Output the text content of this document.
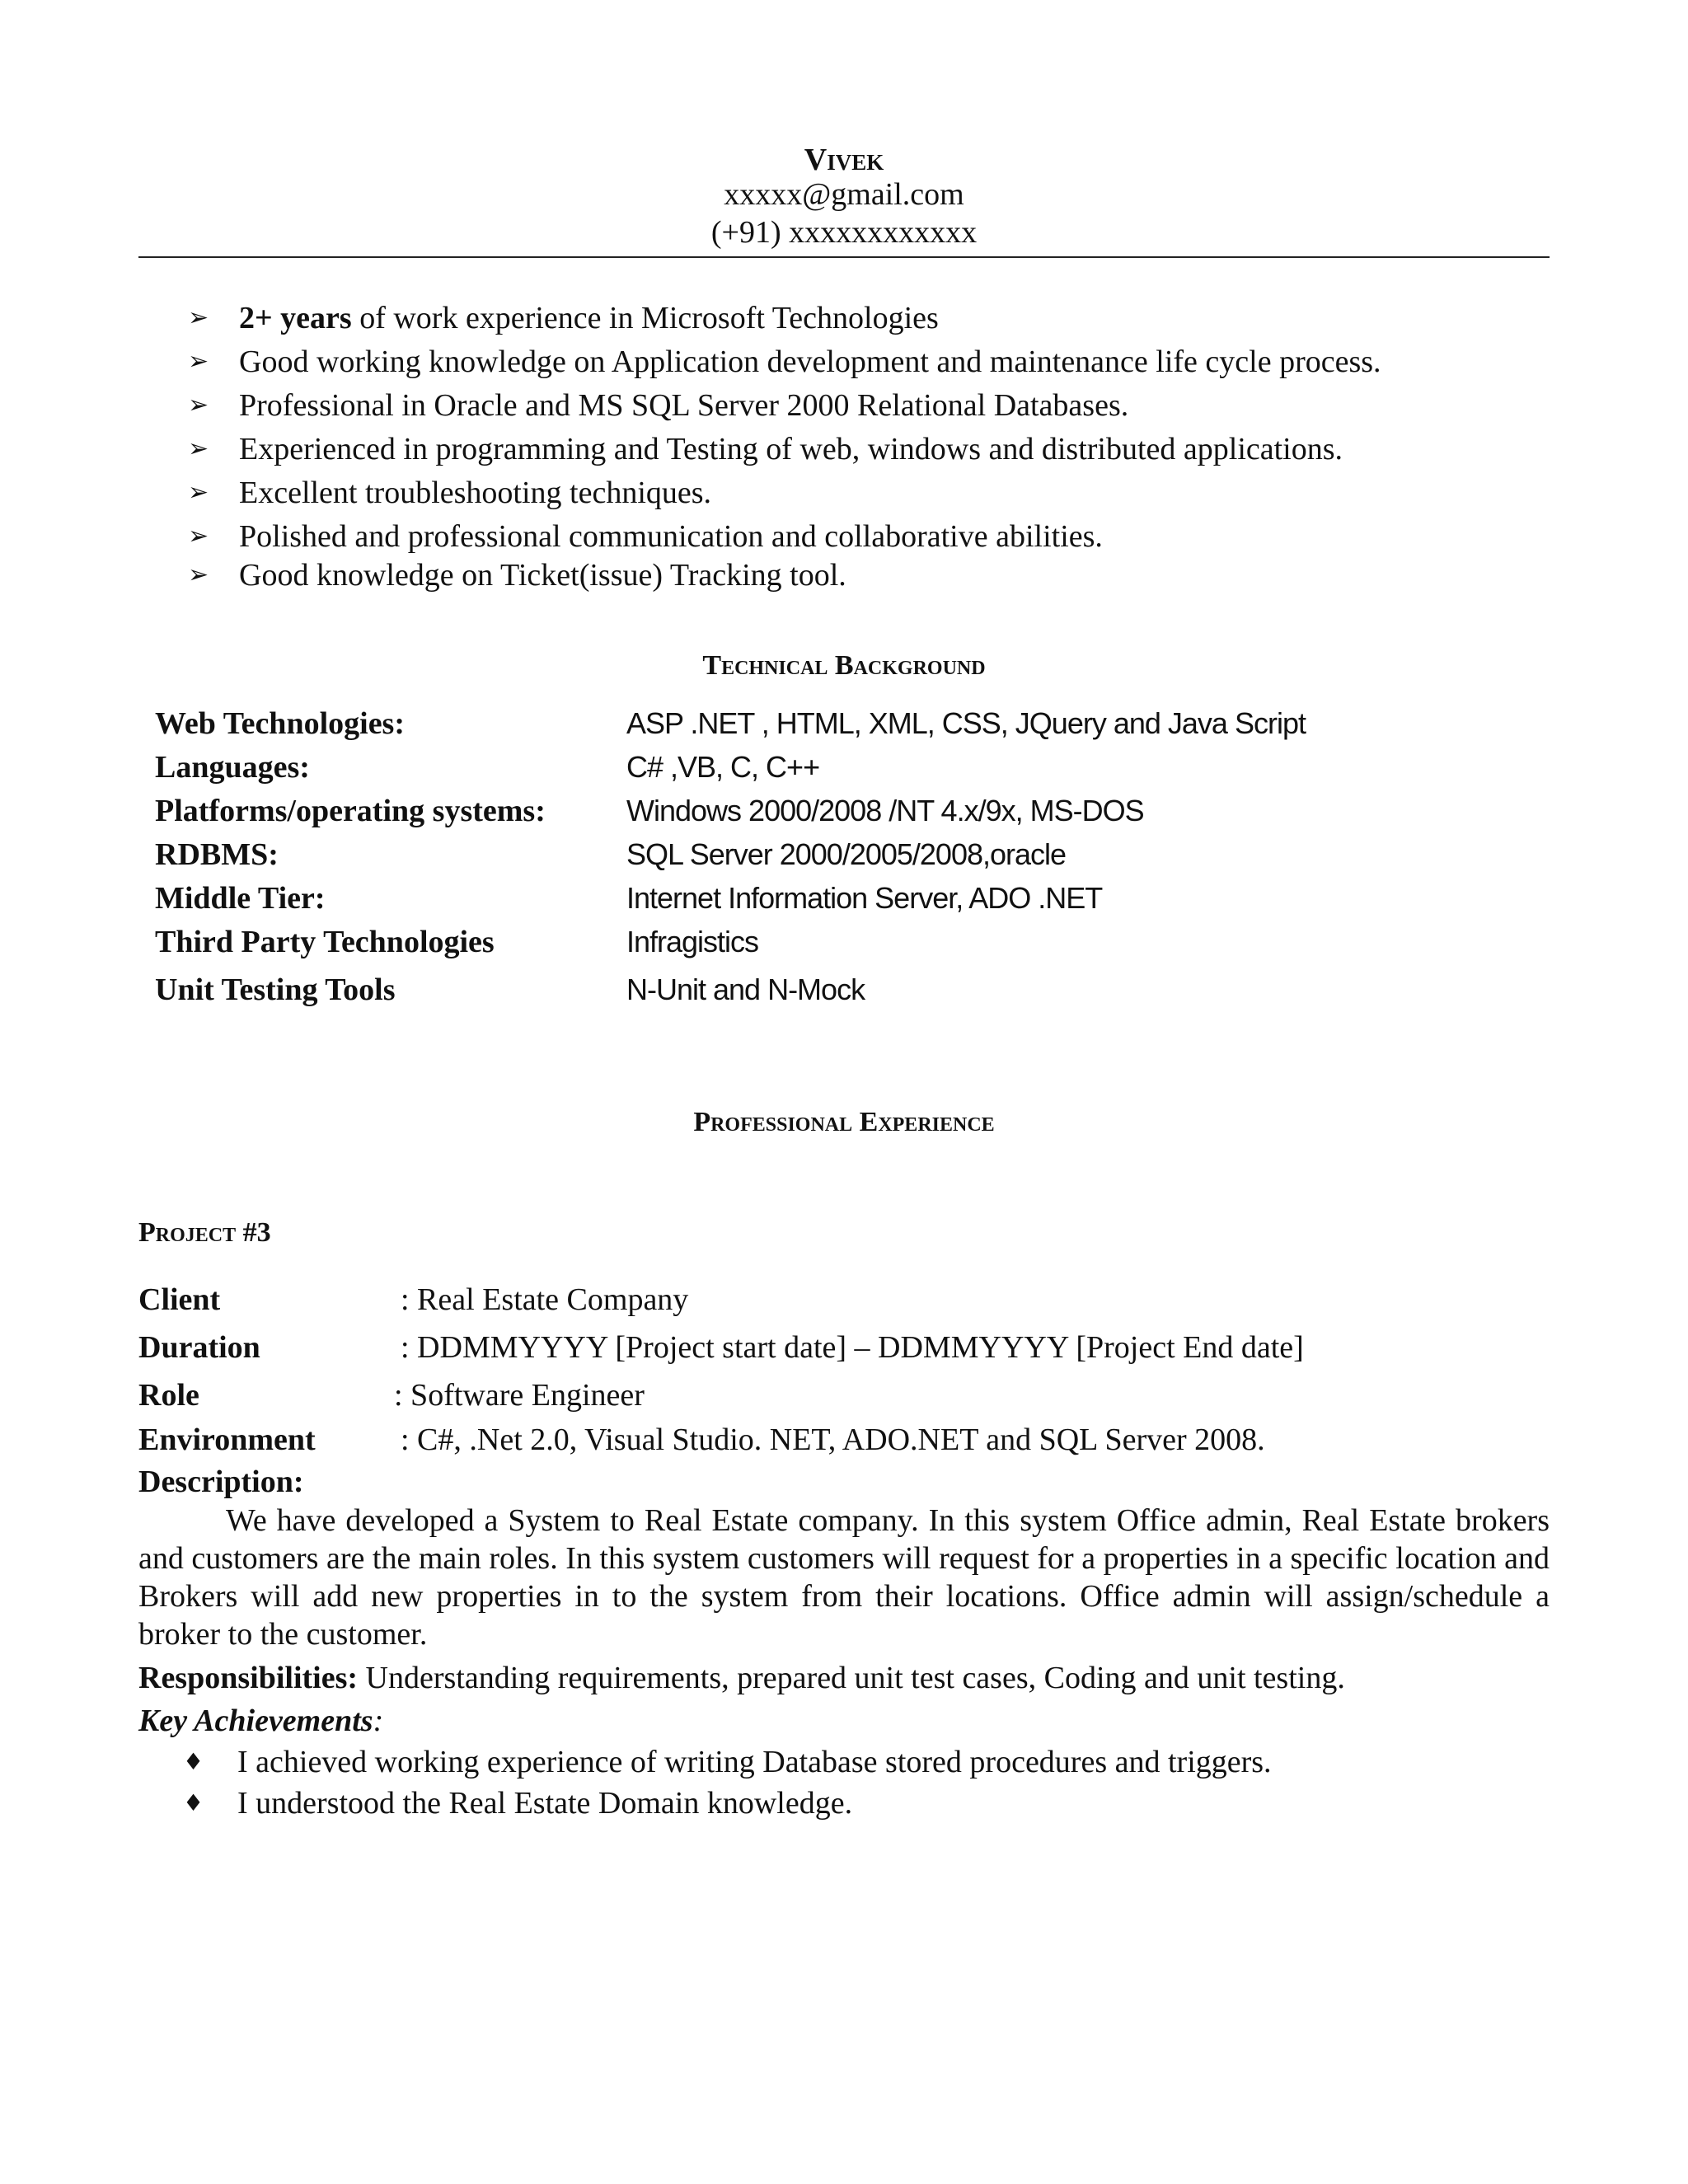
Vivek
xxxxx@gmail.com
(+91) xxxxxxxxxxxx
➢ 2+ years of work experience in Microsoft Technologies
➢ Good working knowledge on Application development and maintenance life cycle process.
➢ Professional in Oracle and MS SQL Server 2000 Relational Databases.
➢ Experienced in programming and Testing of web, windows and distributed applications.
➢ Excellent troubleshooting techniques.
➢ Polished and professional communication and collaborative abilities.
➢ Good knowledge on Ticket(issue) Tracking tool.
Technical Background
Web Technologies:	ASP .NET , HTML, XML, CSS, JQuery and Java Script
Languages:	C# ,VB, C, C++
Platforms/operating systems:	Windows 2000/2008 /NT 4.x/9x, MS-DOS
RDBMS:	SQL Server 2000/2005/2008,oracle
Middle Tier:	Internet Information Server, ADO .NET
Third Party Technologies	Infragistics
Unit Testing Tools	N-Unit and N-Mock
Professional Experience
Project #3
Client	: Real Estate Company
Duration	: DDMMYYYY [Project start date] – DDMMYYYY [Project End date]
Role	: Software Engineer
Environment	: C#, .Net 2.0, Visual Studio. NET, ADO.NET and SQL Server 2008.
Description:

We have developed a System to Real Estate company. In this system Office admin, Real Estate brokers and customers are the main roles. In this system customers will request for a properties in a specific location and Brokers will add new properties in to the system from their locations. Office admin will assign/schedule a broker to the customer.

Responsibilities: Understanding requirements, prepared unit test cases, Coding and unit testing.
Key Achievements:
♦ I achieved working experience of writing Database stored procedures and triggers.
♦ I understood the Real Estate Domain knowledge.
